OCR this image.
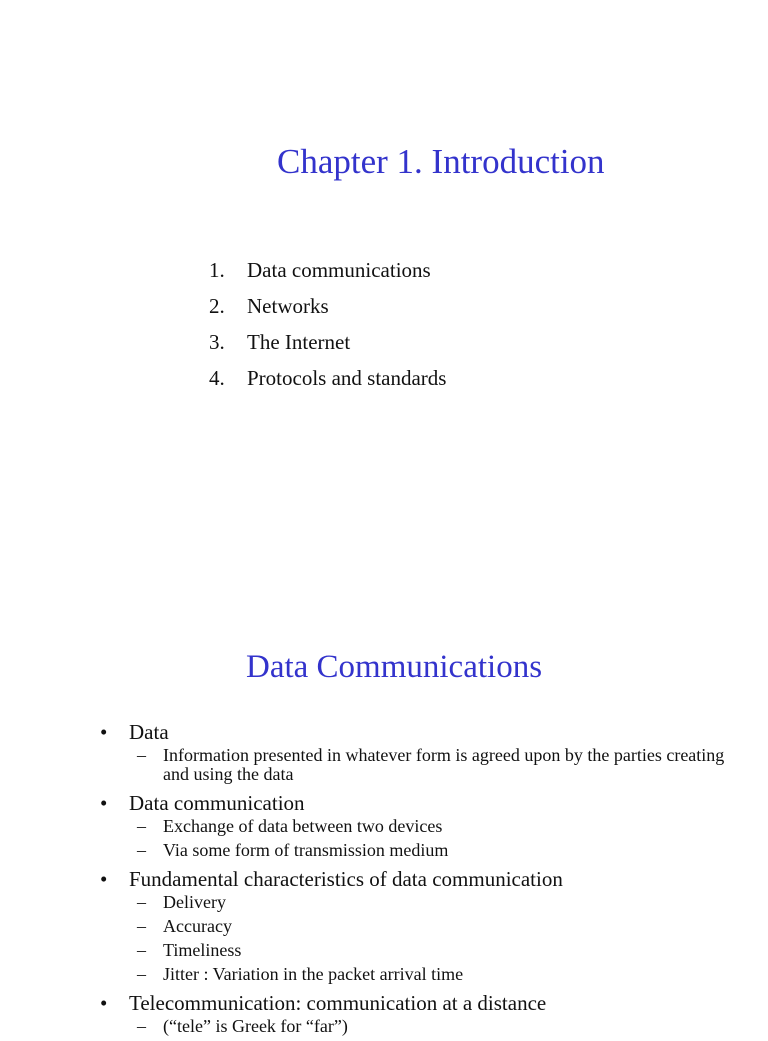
Chapter 1. Introduction
1. Data communications
2. Networks
3. The Internet
4. Protocols and standards
Data Communications
• Data
– Information presented in whatever form is agreed upon by the parties creating and using the data
• Data communication
– Exchange of data between two devices
– Via some form of transmission medium
• Fundamental characteristics of data communication
– Delivery
– Accuracy
– Timeliness
– Jitter : Variation in the packet arrival time
• Telecommunication: communication at a distance
– (“tele” is Greek for “far”)
